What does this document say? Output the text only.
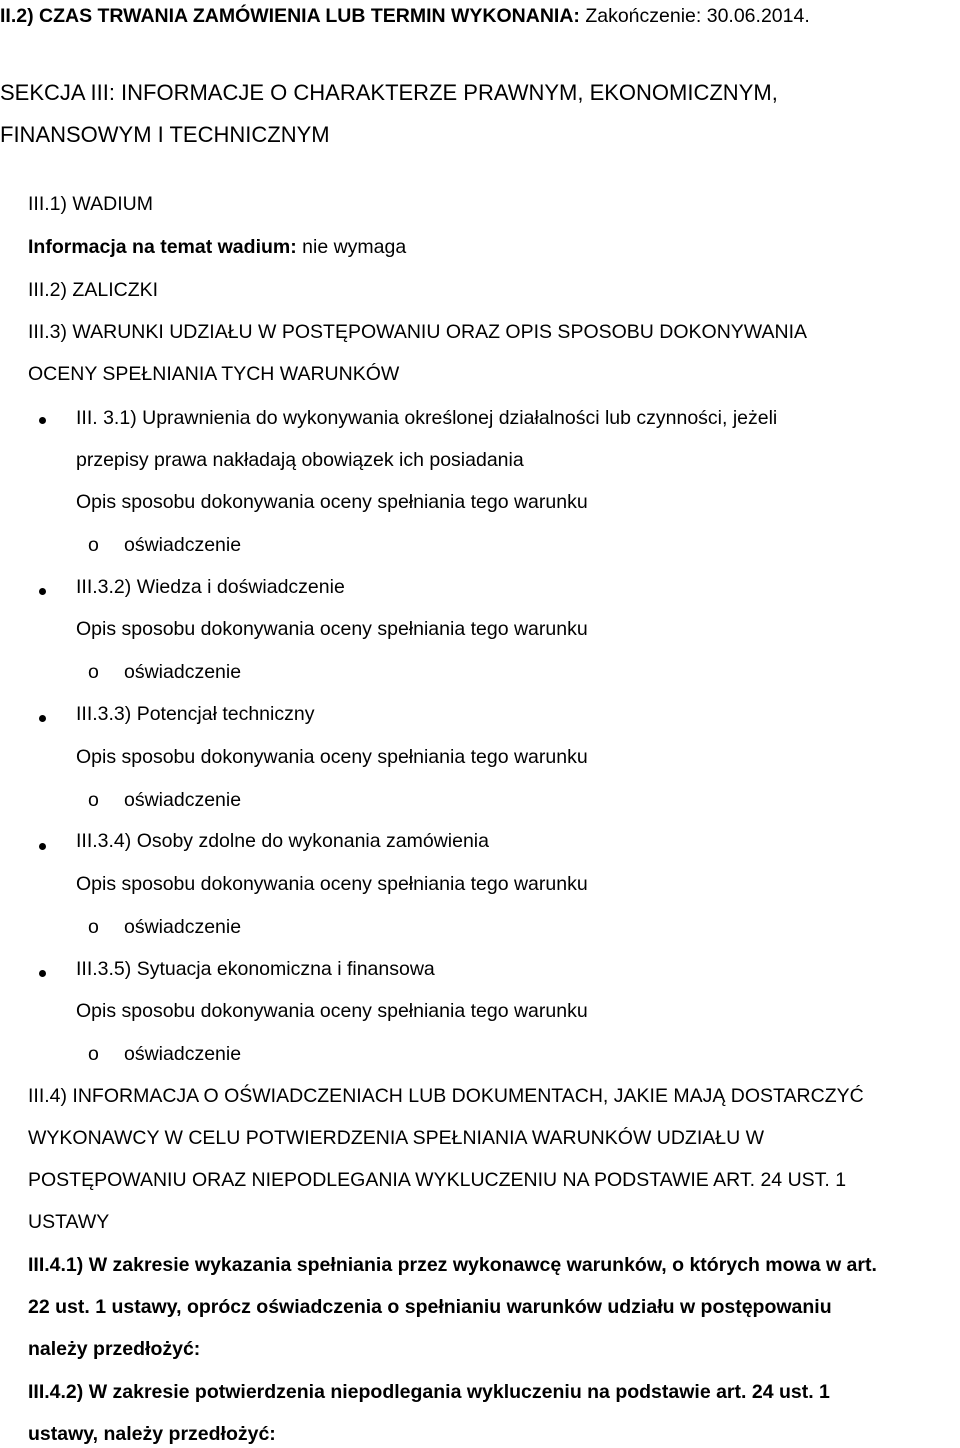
II.2) CZAS TRWANIA ZAMÓWIENIA LUB TERMIN WYKONANIA: Zakończenie: 30.06.2014.
SEKCJA III: INFORMACJE O CHARAKTERZE PRAWNYM, EKONOMICZNYM,
FINANSOWYM I TECHNICZNYM
III.1) WADIUM
Informacja na temat wadium: nie wymaga
III.2) ZALICZKI
III.3) WARUNKI UDZIAŁU W POSTĘPOWANIU ORAZ OPIS SPOSOBU DOKONYWANIA
OCENY SPEŁNIANIA TYCH WARUNKÓW
III. 3.1) Uprawnienia do wykonywania określonej działalności lub czynności, jeżeli
przepisy prawa nakładają obowiązek ich posiadania
Opis sposobu dokonywania oceny spełniania tego warunku
o oświadczenie
III.3.2) Wiedza i doświadczenie
Opis sposobu dokonywania oceny spełniania tego warunku
o oświadczenie
III.3.3) Potencjał techniczny
Opis sposobu dokonywania oceny spełniania tego warunku
o oświadczenie
III.3.4) Osoby zdolne do wykonania zamówienia
Opis sposobu dokonywania oceny spełniania tego warunku
o oświadczenie
III.3.5) Sytuacja ekonomiczna i finansowa
Opis sposobu dokonywania oceny spełniania tego warunku
o oświadczenie
III.4) INFORMACJA O OŚWIADCZENIACH LUB DOKUMENTACH, JAKIE MAJĄ DOSTARCZYĆ
WYKONAWCY W CELU POTWIERDZENIA SPEŁNIANIA WARUNKÓW UDZIAŁU W
POSTĘPOWANIU ORAZ NIEPODLEGANIA WYKLUCZENIU NA PODSTAWIE ART. 24 UST. 1
USTAWY
III.4.1) W zakresie wykazania spełniania przez wykonawcę warunków, o których mowa w art.
22 ust. 1 ustawy, oprócz oświadczenia o spełnianiu warunków udziału w postępowaniu
należy przedłożyć:
III.4.2) W zakresie potwierdzenia niepodlegania wykluczeniu na podstawie art. 24 ust. 1
ustawy, należy przedłożyć:
